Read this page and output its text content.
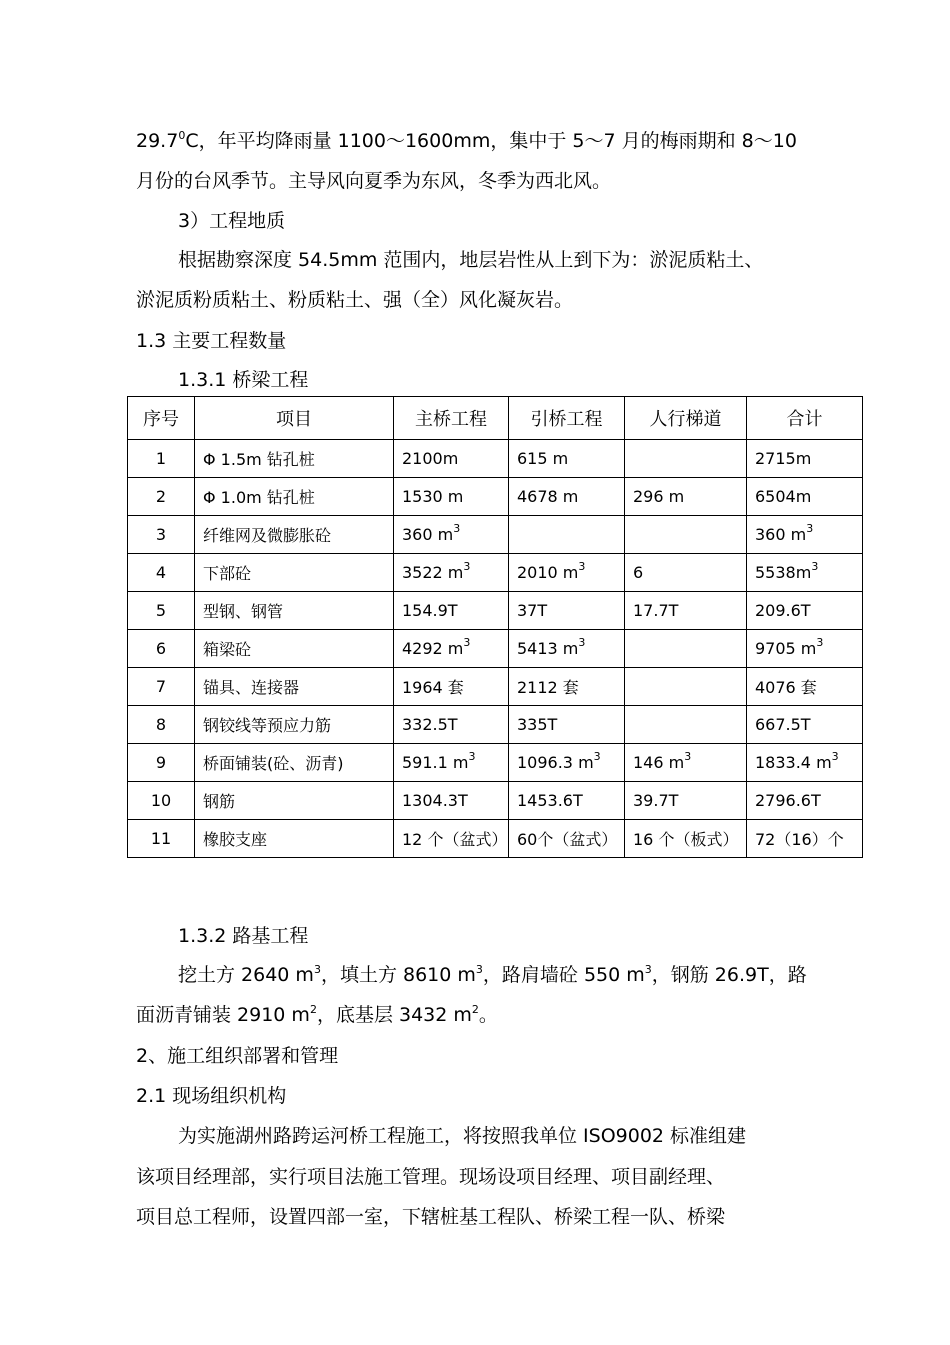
29.7$^0$C，年平均降雨量 1100～1600mm，集中于 5～7 月的梅雨期和 8～10
月份的台风季节。主导风向夏季为东风，冬季为西北风。
3）工程地质
根据勘察深度 54.5mm 范围内，地层岩性从上到下为：淤泥质粘土、
淤泥质粉质粘土、粉质粘土、强（全）风化凝灰岩。
1.3 主要工程数量
1.3.1 桥梁工程
序号	项目	主桥工程	引桥工程	人行梯道	合计
1	Φ 1.5m 钻孔桩	2100m	615 m		2715m
2	Φ 1.0m 钻孔桩	1530 m	4678 m	296 m	6504m
3	纤维网及微膨胀砼	360 $m^3$			360 $m^3$
4	下部砼	3522 $m^3$	2010 $m^3$	6	$5538m^3$
5	型钢、钢管	154.9T	37T	17.7T	209.6T
6	箱梁砼	4292 $m^3$	5413 $m^3$		9705 $m^3$
7	锚具、连接器	1964 套	2112 套		4076 套
8	钢铰线等预应力筋	332.5T	335T		667.5T
9	桥面铺装(砼、沥青)	591.1 $m^3$	1096.3 $m^3$	146 $m^3$	1833.4 $m^3$
10	钢筋	1304.3T	1453.6T	39.7T	2796.6T
11	橡胶支座	12 个（盆式）	60个（盆式）	16 个（板式）	72（16）个
1.3.2 路基工程
挖土方 2640 $m^3$，填土方 8610 $m^3$，路肩墙砼 550 $m^3$，钢筋 26.9T，路
面沥青铺装 2910 $m^2$，底基层 3432 $m^2$。
2、施工组织部署和管理
2.1 现场组织机构
为实施湖州路跨运河桥工程施工，将按照我单位 ISO9002 标准组建
该项目经理部，实行项目法施工管理。现场设项目经理、项目副经理、
项目总工程师，设置四部一室，下辖桩基工程队、桥梁工程一队、桥梁
